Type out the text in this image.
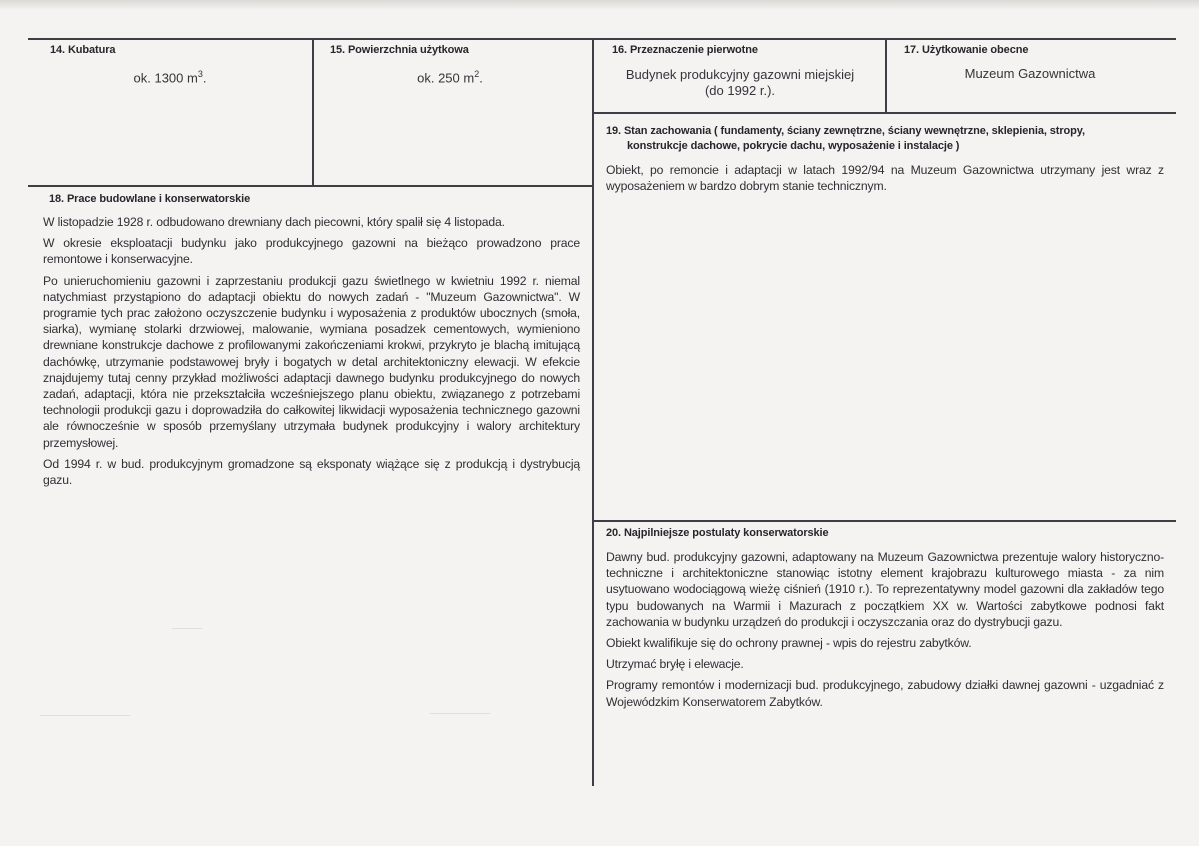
14. Kubatura
ok. 1300 $m^3$.
15. Powierzchnia użytkowa
ok. 250 $m^2$.
16. Przeznaczenie pierwotne
Budynek produkcyjny gazowni miejskiej
(do 1992 r.).
17. Użytkowanie obecne
Muzeum Gazownictwa
19. Stan zachowania ( fundamenty, ściany zewnętrzne, ściany wewnętrzne, sklepienia, stropy,
konstrukcje dachowe, pokrycie dachu, wyposażenie i instalacje )
Obiekt, po remoncie i adaptacji w latach 1992/94 na Muzeum Gazownictwa utrzymany jest wraz z wyposażeniem w bardzo dobrym stanie technicznym.
18. Prace budowlane i konserwatorskie

W listopadzie 1928 r. odbudowano drewniany dach piecowni, który spalił się 4 listopada.

W okresie eksploatacji budynku jako produkcyjnego gazowni na bieżąco prowadzono prace remontowe i konserwacyjne.

Po unieruchomieniu gazowni i zaprzestaniu produkcji gazu świetlnego w kwietniu 1992 r. niemal natychmiast przystąpiono do adaptacji obiektu do nowych zadań - "Muzeum Gazownictwa". W programie tych prac założono oczyszczenie budynku i wyposażenia z produktów ubocznych (smoła, siarka), wymianę stolarki drzwiowej, malowanie, wymiana posadzek cementowych, wymieniono drewniane konstrukcje dachowe z profilowanymi zakończeniami krokwi, przykryto je blachą imitującą dachówkę, utrzymanie podstawowej bryły i bogatych w detal architektoniczny elewacji. W efekcie znajdujemy tutaj cenny przykład możliwości adaptacji dawnego budynku produkcyjnego do nowych zadań, adaptacji, która nie przekształciła wcześniejszego planu obiektu, związanego z potrzebami technologii produkcji gazu i doprowadziła do całkowitej likwidacji wyposażenia technicznego gazowni ale równocześnie w sposób przemyślany utrzymała budynek produkcyjny i walory architektury przemysłowej.

Od 1994 r. w bud. produkcyjnym gromadzone są eksponaty wiążące się z produkcją i dystrybucją gazu.

20. Najpilniejsze postulaty konserwatorskie

Dawny bud. produkcyjny gazowni, adaptowany na Muzeum Gazownictwa prezentuje walory historyczno-techniczne i architektoniczne stanowiąc istotny element krajobrazu kulturowego miasta - za nim usytuowano wodociągową wieżę ciśnień (1910 r.). To reprezentatywny model gazowni dla zakładów tego typu budowanych na Warmii i Mazurach z początkiem XX w. Wartości zabytkowe podnosi fakt zachowania w budynku urządzeń do produkcji i oczyszczania oraz do dystrybucji gazu.

Obiekt kwalifikuje się do ochrony prawnej - wpis do rejestru zabytków.

Utrzymać bryłę i elewacje.

Programy remontów i modernizacji bud. produkcyjnego, zabudowy działki dawnej gazowni - uzgadniać z Wojewódzkim Konserwatorem Zabytków.
